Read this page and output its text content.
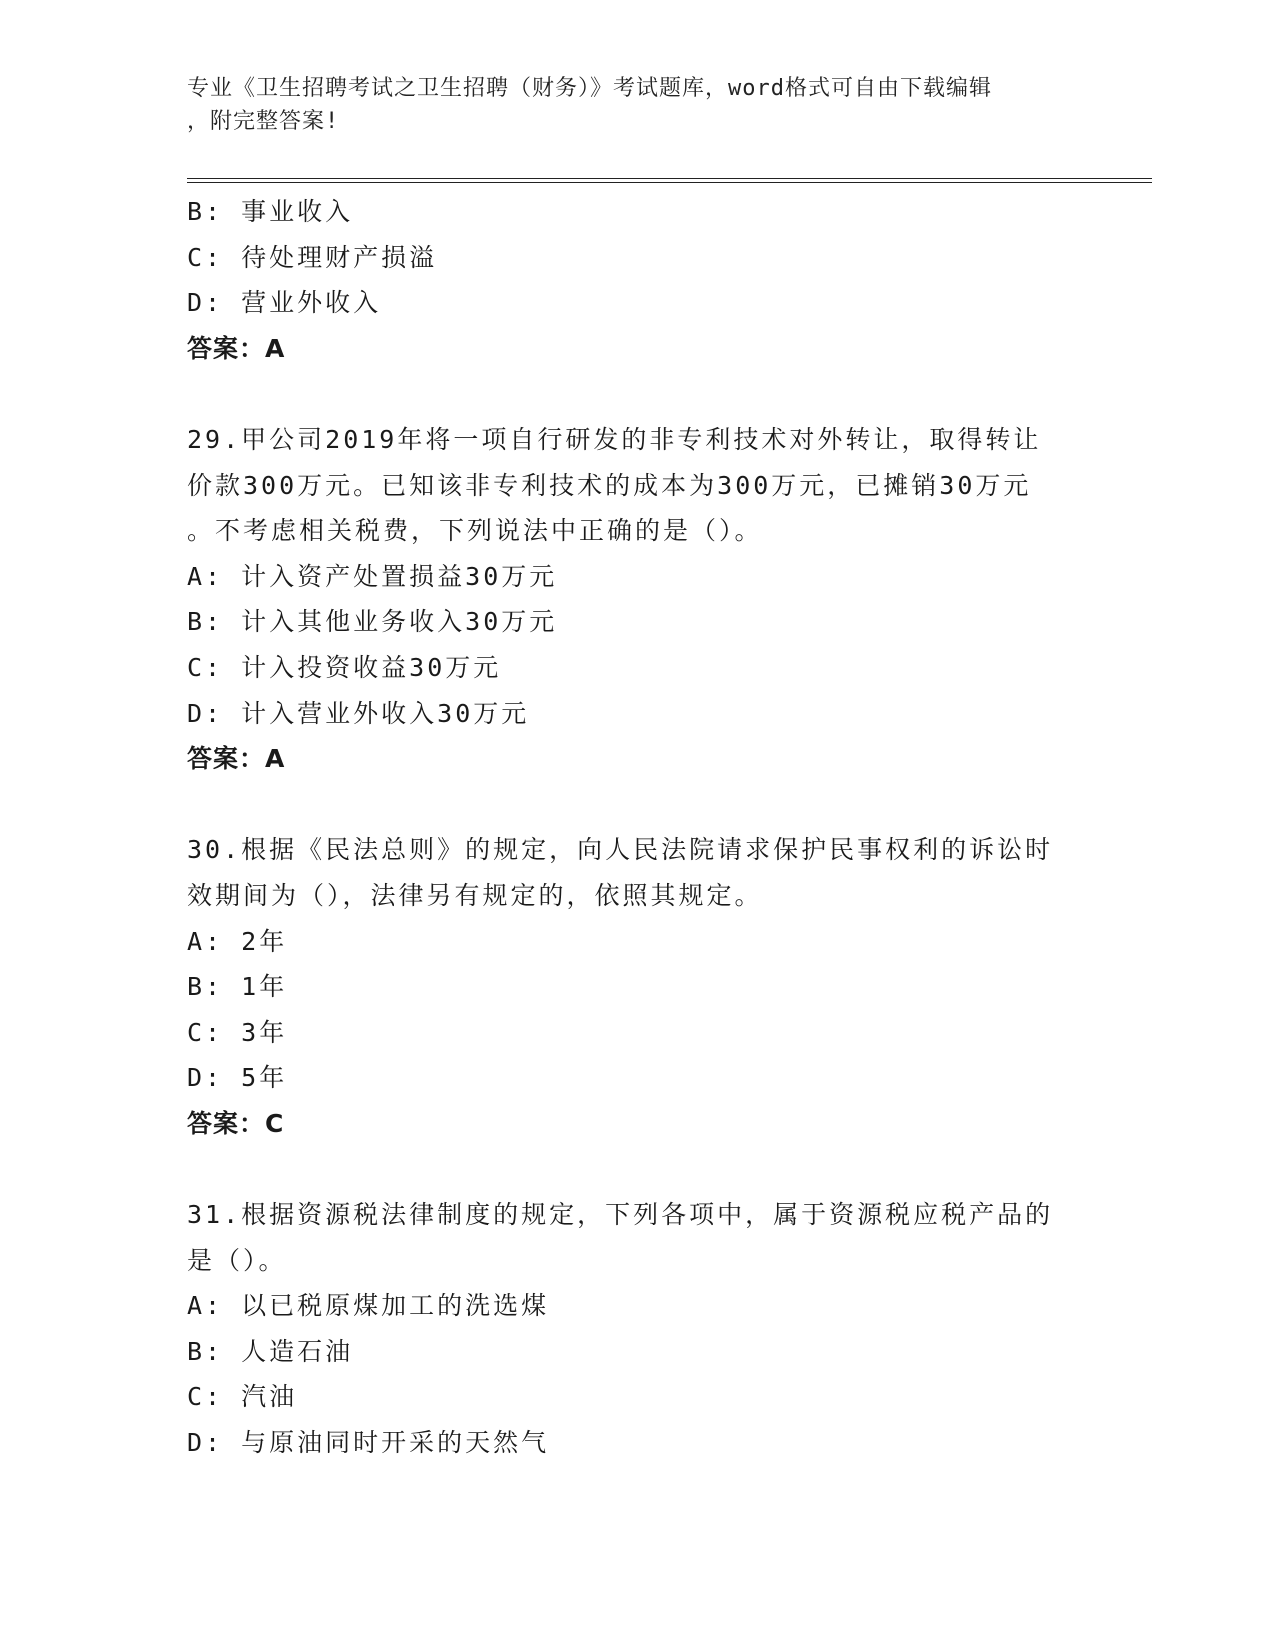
专业《卫生招聘考试之卫生招聘（财务）》考试题库，word格式可自由下载编辑
，附完整答案!
B: 事业收入
C: 待处理财产损溢
D: 营业外收入
答案：A
29.甲公司2019年将一项自行研发的非专利技术对外转让，取得转让
价款300万元。已知该非专利技术的成本为300万元，已摊销30万元
。不考虑相关税费，下列说法中正确的是（）。
A: 计入资产处置损益30万元
B: 计入其他业务收入30万元
C: 计入投资收益30万元
D: 计入营业外收入30万元
答案：A
30.根据《民法总则》的规定，向人民法院请求保护民事权利的诉讼时
效期间为（），法律另有规定的，依照其规定。
A: 2年
B: 1年
C: 3年
D: 5年
答案：C
31.根据资源税法律制度的规定，下列各项中，属于资源税应税产品的
是（）。
A: 以已税原煤加工的洗选煤
B: 人造石油
C: 汽油
D: 与原油同时开采的天然气
